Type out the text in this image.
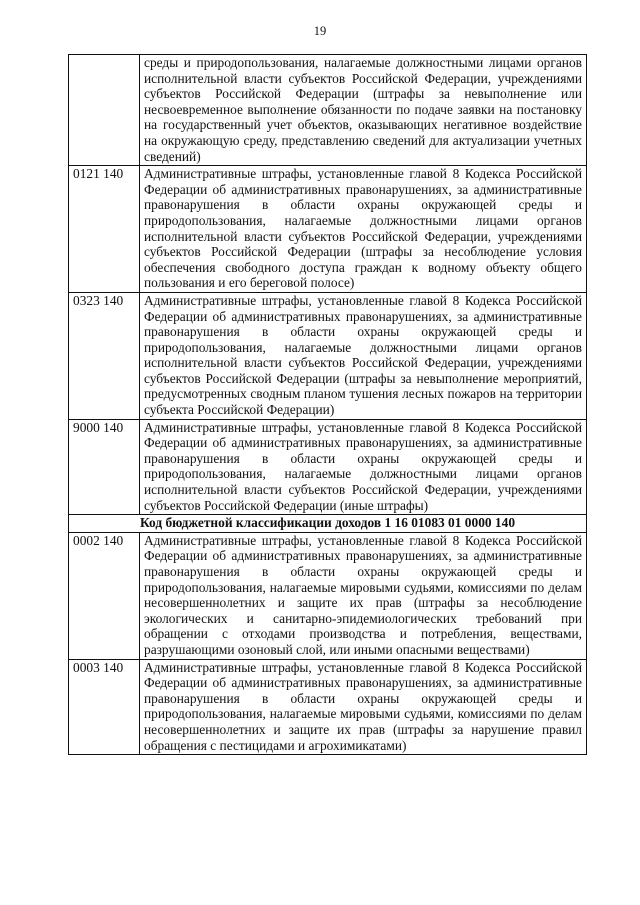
19
	среды и природопользования, налагаемые должностными лицами органов исполнительной власти субъектов Российской Федерации, учреждениями субъектов Российской Федерации (штрафы за невыполнение или несвоевременное выполнение обязанности по подаче заявки на постановку на государственный учет объектов, оказывающих негативное воздействие на окружающую среду, представлению сведений для актуализации учетных сведений)
0121 140	Административные штрафы, установленные главой 8 Кодекса Российской Федерации об административных правонарушениях, за административные правонарушения в области охраны окружающей среды и природопользования, налагаемые должностными лицами органов исполнительной власти субъектов Российской Федерации, учреждениями субъектов Российской Федерации (штрафы за несоблюдение условия обеспечения свободного доступа граждан к водному объекту общего пользования и его береговой полосе)
0323 140	Административные штрафы, установленные главой 8 Кодекса Российской Федерации об административных правонарушениях, за административные правонарушения в области охраны окружающей среды и природопользования, налагаемые должностными лицами органов исполнительной власти субъектов Российской Федерации, учреждениями субъектов Российской Федерации (штрафы за невыполнение мероприятий, предусмотренных сводным планом тушения лесных пожаров на территории субъекта Российской Федерации)
9000 140	Административные штрафы, установленные главой 8 Кодекса Российской Федерации об административных правонарушениях, за административные правонарушения в области охраны окружающей среды и природопользования, налагаемые должностными лицами органов исполнительной власти субъектов Российской Федерации, учреждениями субъектов Российской Федерации (иные штрафы)
Код бюджетной классификации доходов 1 16 01083 01 0000 140	
0002 140	Административные штрафы, установленные главой 8 Кодекса Российской Федерации об административных правонарушениях, за административные правонарушения в области охраны окружающей среды и природопользования, налагаемые мировыми судьями, комиссиями по делам несовершеннолетних и защите их прав (штрафы за несоблюдение экологических и санитарно-эпидемиологических требований при обращении с отходами производства и потребления, веществами, разрушающими озоновый слой, или иными опасными веществами)
0003 140	Административные штрафы, установленные главой 8 Кодекса Российской Федерации об административных правонарушениях, за административные правонарушения в области охраны окружающей среды и природопользования, налагаемые мировыми судьями, комиссиями по делам несовершеннолетних и защите их прав (штрафы за нарушение правил обращения с пестицидами и агрохимикатами)
